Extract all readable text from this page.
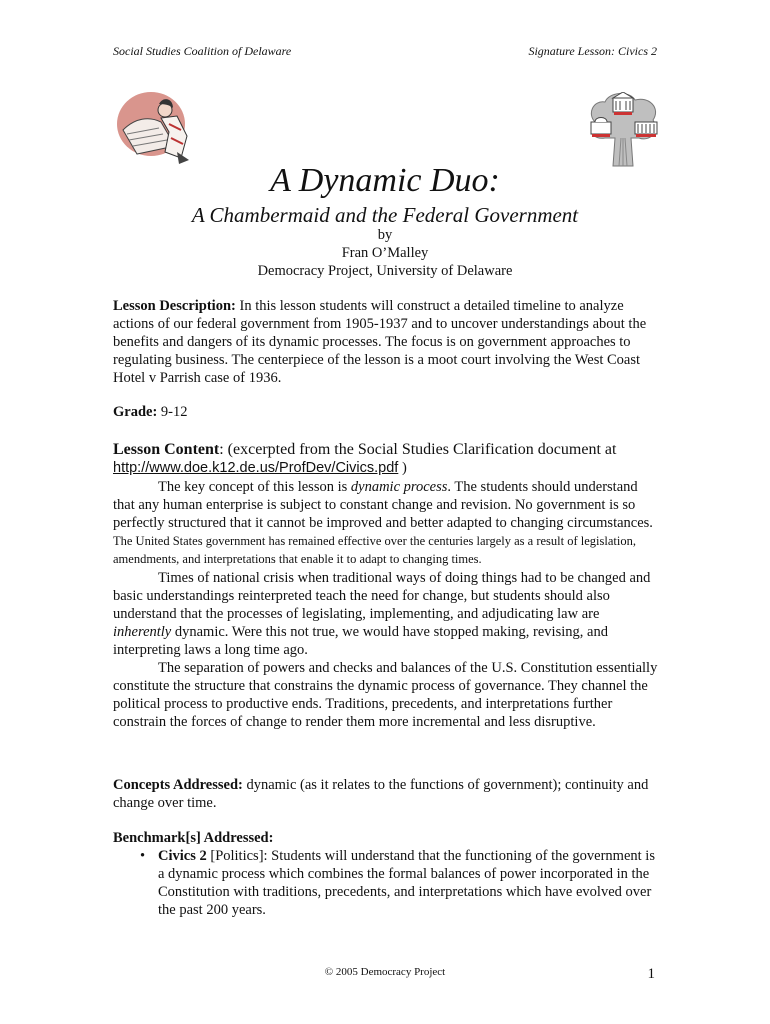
Social Studies Coalition of Delaware	Signature Lesson: Civics 2
A Dynamic Duo:
A Chambermaid and the Federal Government
by
Fran O’Malley
Democracy Project, University of Delaware

Lesson Description: In this lesson students will construct a detailed timeline to analyze actions of our federal government from 1905-1937 and to uncover understandings about the benefits and dangers of its dynamic processes. The focus is on government approaches to regulating business. The centerpiece of the lesson is a moot court involving the West Coast Hotel v Parrish case of 1936.

Grade: 9-12

Lesson Content: (excerpted from the Social Studies Clarification document at

http://www.doe.k12.de.us/ProfDev/Civics.pdf )

The key concept of this lesson is dynamic process. The students should understand that any human enterprise is subject to constant change and revision. No government is so perfectly structured that it cannot be improved and better adapted to changing circumstances. The United States government has remained effective over the centuries largely as a result of legislation, amendments, and interpretations that enable it to adapt to changing times.

Times of national crisis when traditional ways of doing things had to be changed and basic understandings reinterpreted teach the need for change, but students should also understand that the processes of legislating, implementing, and adjudicating law are inherently dynamic. Were this not true, we would have stopped making, revising, and interpreting laws a long time ago.

The separation of powers and checks and balances of the U.S. Constitution essentially constitute the structure that constrains the dynamic process of governance. They channel the political process to productive ends. Traditions, precedents, and interpretations further constrain the forces of change to render them more incremental and less disruptive.

Concepts Addressed: dynamic (as it relates to the functions of government); continuity and change over time.

Benchmark[s] Addressed:

• Civics 2 [Politics]: Students will understand that the functioning of the government is a dynamic process which combines the formal balances of power incorporated in the Constitution with traditions, precedents, and interpretations which have evolved over the past 200 years.

© 2005 Democracy Project	1
